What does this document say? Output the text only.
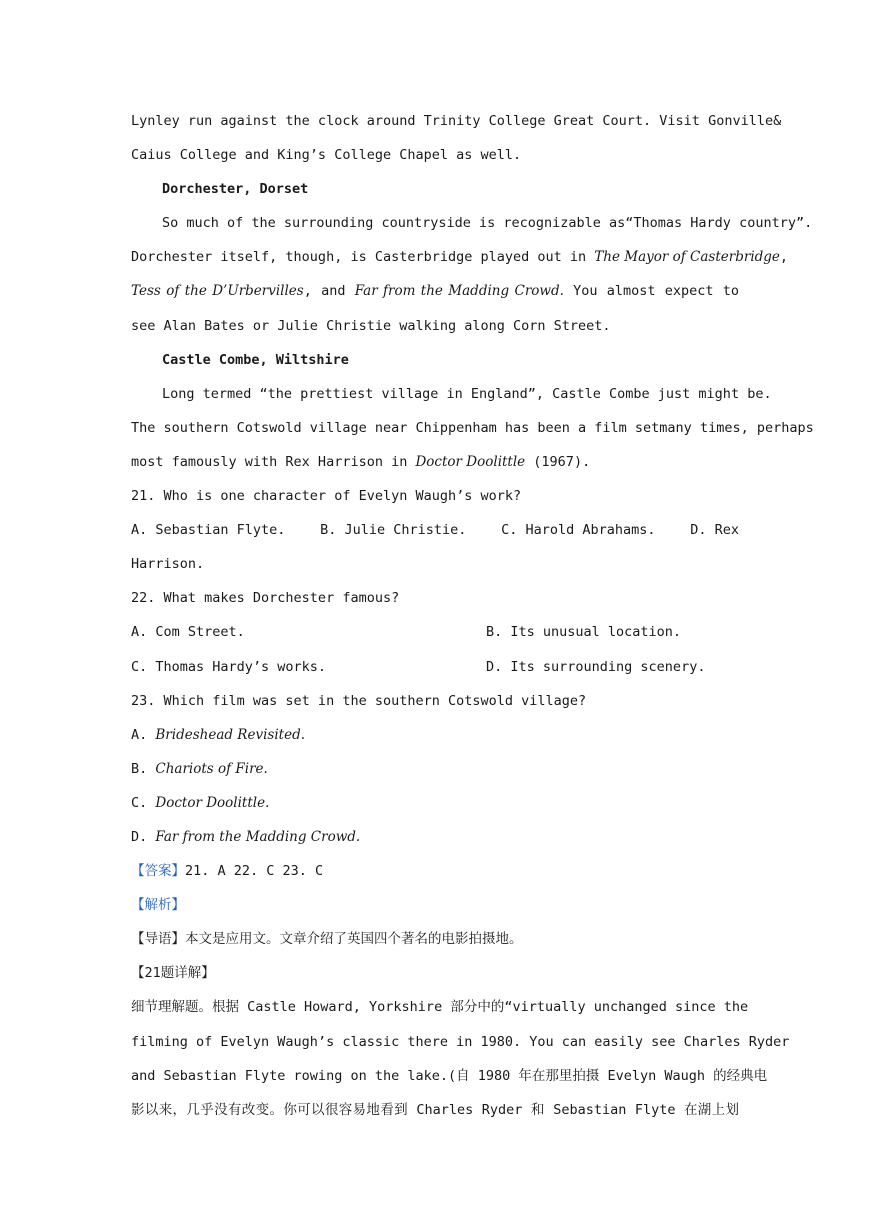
Lynley run against the clock around Trinity College Great Court. Visit Gonville&
Caius College and King’s College Chapel as well.
Dorchester, Dorset
So much of the surrounding countryside is recognizable as“Thomas Hardy country”.
Dorchester itself, though, is Casterbridge played out in The Mayor of Casterbridge,
Tess of the D’Urbervilles, and Far from the Madding Crowd. You almost expect to
see Alan Bates or Julie Christie walking along Corn Street.
Castle Combe, Wiltshire
Long termed “the prettiest village in England”, Castle Combe just might be.
The southern Cotswold village near Chippenham has been a film setmany times, perhaps
most famously with Rex Harrison in Doctor Doolittle (1967).
21. Who is one character of Evelyn Waugh’s work?
A. Sebastian Flyte.	B. Julie Christie.	C. Harold Abrahams.	D. Rex
Harrison.
22. What makes Dorchester famous?
A. Com Street.	B. Its unusual location.
C. Thomas Hardy’s works.	D. Its surrounding scenery.
23. Which film was set in the southern Cotswold village?
A. Brideshead Revisited.
B. Chariots of Fire.
C. Doctor Doolittle.
D. Far from the Madding Crowd.
【答案】21. A 22. C 23. C
【解析】
【导语】本文是应用文。文章介绍了英国四个著名的电影拍摄地。
【21题详解】
细节理解题。根据 Castle Howard, Yorkshire 部分中的“virtually unchanged since the
filming of Evelyn Waugh’s classic there in 1980. You can easily see Charles Ryder
and Sebastian Flyte rowing on the lake.(自 1980 年在那里拍摄 Evelyn Waugh 的经典电
影以来，几乎没有改变。你可以很容易地看到 Charles Ryder 和 Sebastian Flyte 在湖上划
